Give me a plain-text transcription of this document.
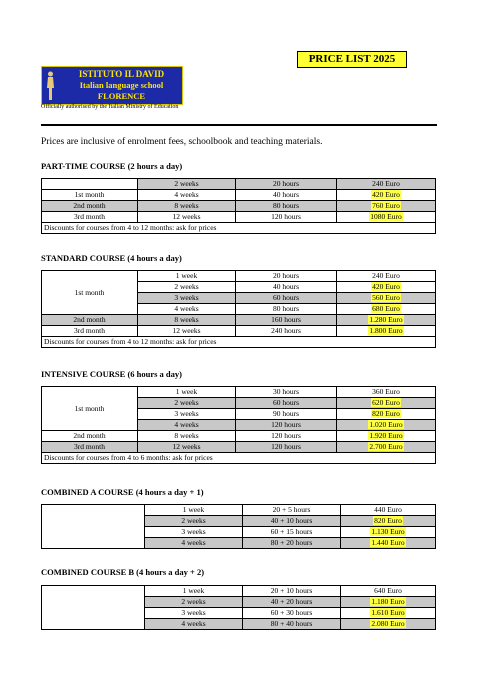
PRICE LIST 2025
ISTITUTO IL DAVID
Italian language school
FLORENCE
Officially authorised by the Italian Ministry of Education
Prices are inclusive of enrolment fees, schoolbook and teaching materials.
PART-TIME COURSE (2 hours a day)
	2 weeks	20 hours	240 Euro
1st month	4 weeks	40 hours	420 Euro
2nd month	8 weeks	80 hours	760 Euro
3rd month	12 weeks	120 hours	1080 Euro
Discounts for courses from 4 to 12 months: ask for prices			
STANDARD COURSE (4 hours a day)
1st month	1 week	20 hours	240 Euro
	2 weeks	40 hours	420 Euro
	3 weeks	60 hours	560 Euro
	4 weeks	80 hours	680 Euro
2nd month	8 weeks	160 hours	1.280 Euro
3rd month	12 weeks	240 hours	1.800 Euro
Discounts for courses from 4 to 12 months: ask for prices			
INTENSIVE COURSE (6 hours a day)
1st month	1 week	30 hours	360 Euro
	2 weeks	60 hours	620 Euro
	3 weeks	90 hours	820 Euro
	4 weeks	120 hours	1.020 Euro
2nd month	8 weeks	120 hours	1.920 Euro
3rd month	12 weeks	120 hours	2.700 Euro
Discounts for courses from 4 to 6 months: ask for prices			
COMBINED A COURSE (4 hours a day + 1)
	1 week	20 + 5 hours	440 Euro
	2 weeks	40 + 10 hours	820 Euro
	3 weeks	60 + 15 hours	1.130 Euro
	4 weeks	80 + 20 hours	1.440 Euro
COMBINED COURSE B (4 hours a day + 2)
	1 week	20 + 10 hours	640 Euro
	2 weeks	40 + 20 hours	1.180 Euro
	3 weeks	60 + 30 hours	1.610 Euro
	4 weeks	80 + 40 hours	2.080 Euro
